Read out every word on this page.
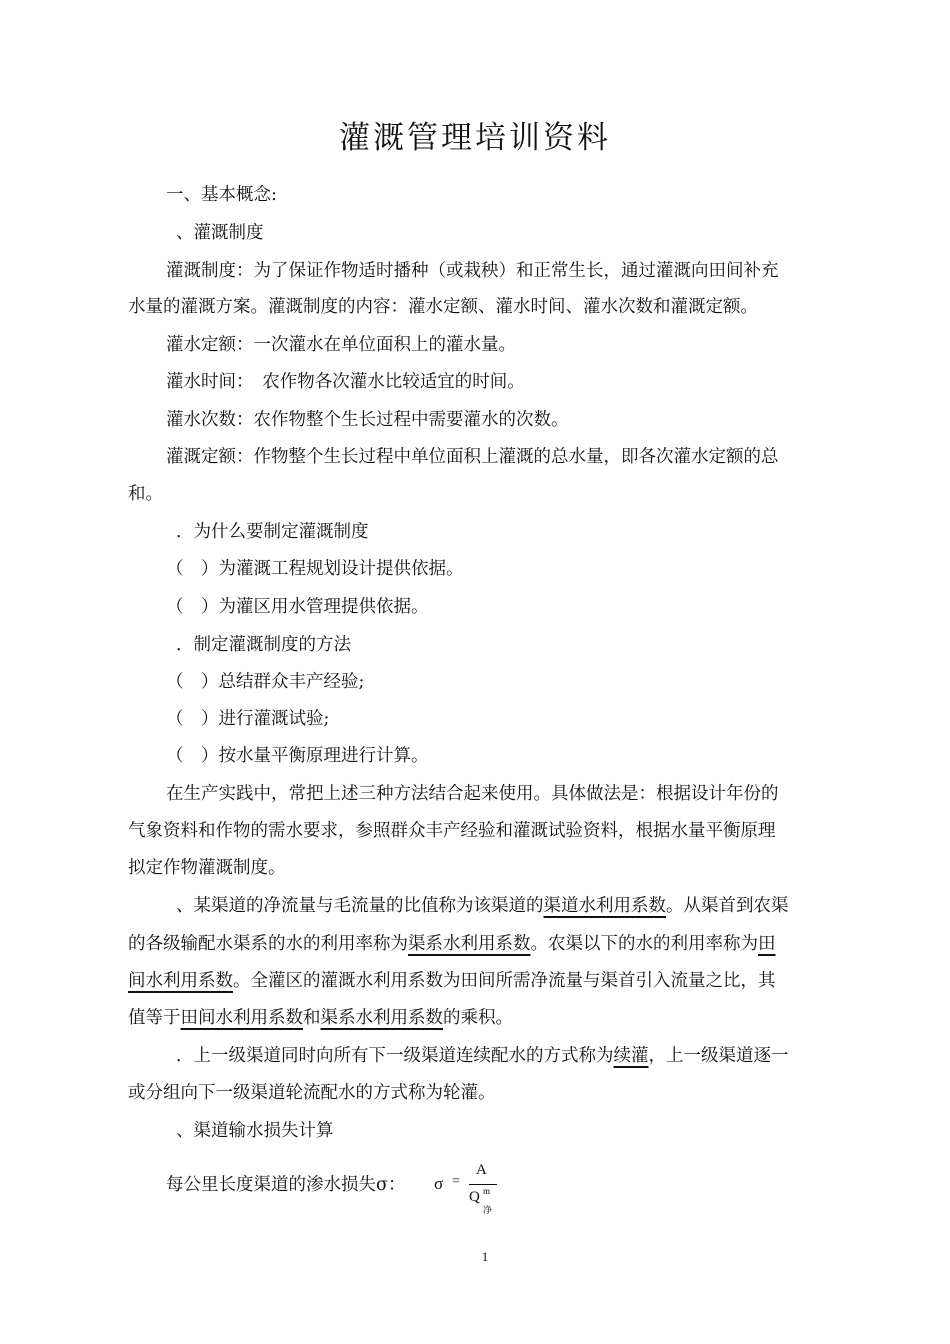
灌溉管理培训资料
一、基本概念:
、灌溉制度
灌溉制度：为了保证作物适时播种（或栽秧）和正常生长，通过灌溉向田间补充
水量的灌溉方案。灌溉制度的内容：灌水定额、灌水时间、灌水次数和灌溉定额。
灌水定额：一次灌水在单位面积上的灌水量。
灌水时间：　农作物各次灌水比较适宜的时间。
灌水次数：农作物整个生长过程中需要灌水的次数。
灌溉定额：作物整个生长过程中单位面积上灌溉的总水量，即各次灌水定额的总
和。
．为什么要制定灌溉制度
（　）为灌溉工程规划设计提供依据。
（　）为灌区用水管理提供依据。
．制定灌溉制度的方法
（　）总结群众丰产经验;
（　）进行灌溉试验;
（　）按水量平衡原理进行计算。
在生产实践中，常把上述三种方法结合起来使用。具体做法是：根据设计年份的
气象资料和作物的需水要求，参照群众丰产经验和灌溉试验资料，根据水量平衡原理
拟定作物灌溉制度。
、某渠道的净流量与毛流量的比值称为该渠道的渠道水利用系数。从渠首到农渠
的各级输配水渠系的水的利用率称为渠系水利用系数。农渠以下的水的利用率称为田
间水利用系数。全灌区的灌溉水利用系数为田间所需净流量与渠首引入流量之比，其
值等于田间水利用系数和渠系水利用系数的乘积。
．上一级渠道同时向所有下一级渠道连续配水的方式称为续灌，上一级渠道逐一
或分组向下一级渠道轮流配水的方式称为轮灌。
、渠道输水损失计算
每公里长度渠道的渗水损失σ： σ =
A
Q m
净
1
